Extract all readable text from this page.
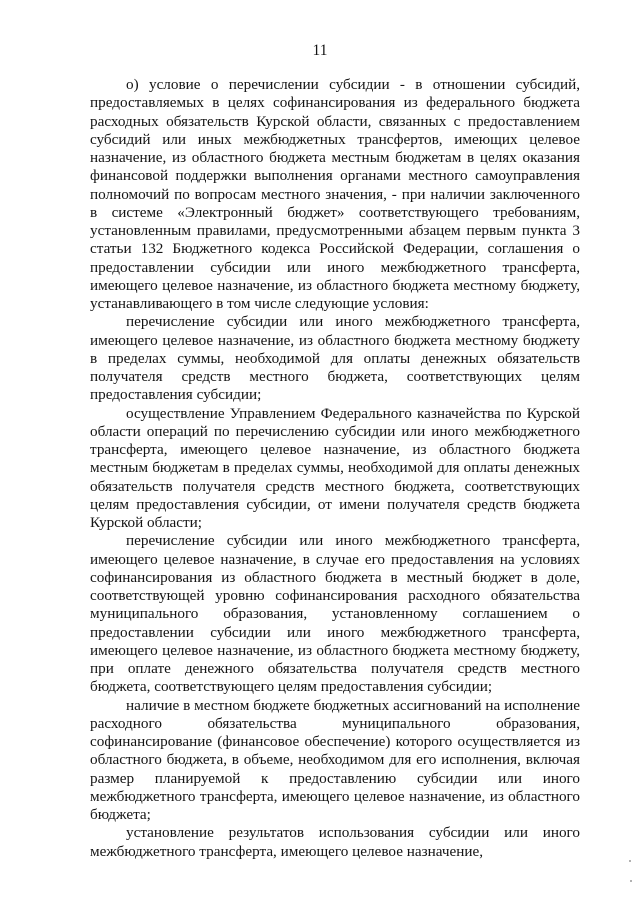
11

о) условие о перечислении субсидии - в отношении субсидий, предоставляемых в целях софинансирования из федерального бюджета расходных обязательств Курской области, связанных с предоставлением субсидий или иных межбюджетных трансфертов, имеющих целевое назначение, из областного бюджета местным бюджетам в целях оказания финансовой поддержки выполнения органами местного самоуправления полномочий по вопросам местного значения, - при наличии заключенного в системе «Электронный бюджет» соответствующего требованиям, установленным правилами, предусмотренными абзацем первым пункта 3 статьи 132 Бюджетного кодекса Российской Федерации, соглашения о предоставлении субсидии или иного межбюджетного трансферта, имеющего целевое назначение, из областного бюджета местному бюджету, устанавливающего в том числе следующие условия:

перечисление субсидии или иного межбюджетного трансферта, имеющего целевое назначение, из областного бюджета местному бюджету в пределах суммы, необходимой для оплаты денежных обязательств получателя средств местного бюджета, соответствующих целям предоставления субсидии;

осуществление Управлением Федерального казначейства по Курской области операций по перечислению субсидии или иного межбюджетного трансферта, имеющего целевое назначение, из областного бюджета местным бюджетам в пределах суммы, необходимой для оплаты денежных обязательств получателя средств местного бюджета, соответствующих целям предоставления субсидии, от имени получателя средств бюджета Курской области;

перечисление субсидии или иного межбюджетного трансферта, имеющего целевое назначение, в случае его предоставления на условиях софинансирования из областного бюджета в местный бюджет в доле, соответствующей уровню софинансирования расходного обязательства муниципального образования, установленному соглашением о предоставлении субсидии или иного межбюджетного трансферта, имеющего целевое назначение, из областного бюджета местному бюджету, при оплате денежного обязательства получателя средств местного бюджета, соответствующего целям предоставления субсидии;

наличие в местном бюджете бюджетных ассигнований на исполнение расходного обязательства муниципального образования, софинансирование (финансовое обеспечение) которого осуществляется из областного бюджета, в объеме, необходимом для его исполнения, включая размер планируемой к предоставлению субсидии или иного межбюджетного трансферта, имеющего целевое назначение, из областного бюджета;

установление результатов использования субсидии или иного межбюджетного трансферта, имеющего целевое назначение,
